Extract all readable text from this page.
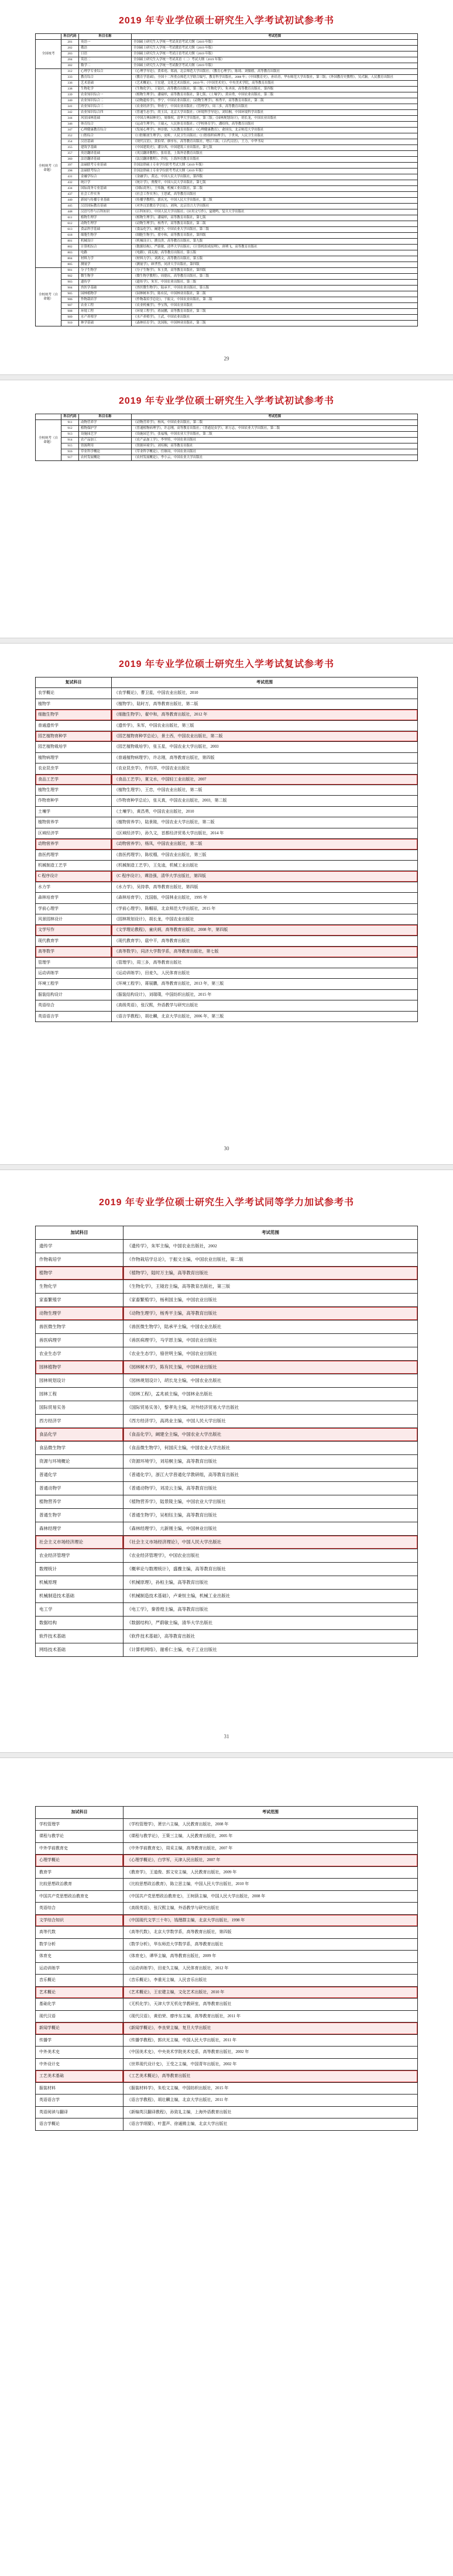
2019 年专业学位硕士研究生入学考试初试参考书
	科目代码	科目名称	考试范围
全国统考	201	英语一	全国硕士研究生入学统一考试英语考试大纲（2019 年版）
	202	俄语	全国硕士研究生入学统一考试俄语考试大纲（2019 年版）
	203	日语	全国硕士研究生入学统一考试日语考试大纲（2019 年版）
	204	英语二	全国硕士研究生入学统一考试英语（二）考试大纲（2019 年版）
	302	数学二	全国硕士研究生入学统一考试数学考试大纲（2019 年版）
全校统考（自命题）	312	心理学专业综合	《心理学导论》，黄希庭、郑涌，北京师范大学出版社；《教育心理学》，陈琦、刘儒德，高等教育出版社
	333	教育综合	《教育学基础》，全国十二所重点师范大学联合编写，教育科学出版社，2008 年；《中国教育史》，孙培青，华东师范大学出版社，第三版；《外国教育史教程》，吴式颖，人民教育出版社
	336	艺术基础	《艺术概论》，王宏建，文化艺术出版社，2010 年；《中国美术史》，中央美术学院，高等教育出版社
	338	生物化学	《生物化学》，王镜岩，高等教育出版社，第三版；《生物化学》，朱圣庚，高等教育出版社，第四版
	339	农业知识综合一	《植物生理学》，潘瑞炽，高等教育出版社，第七版；《土壤学》，黄昌勇，中国农业出版社，第三版
	340	农业知识综合二	《动物遗传学》，李宁，中国农业出版社；《动物生理学》，杨秀平，高等教育出版社，第二版
	341	农业知识综合三	《农业经济学》，钟甫宁，中国农业出版社；《管理学》，周三多，高等教育出版社
	342	农业知识综合四	《普通生态学》，尚玉昌，北京大学出版社；《环境科学导论》，刘培桐，中国环境科学出版社
	344	风景园林基础	《中国古典园林史》，周维权，清华大学出版社，第三版；《园林规划设计》，胡长龙，中国农业出版社
	346	体育综合	《运动生理学》，王瑞元，人民体育出版社；《学校体育学》，潘绍伟，高等教育出版社
	347	心理健康教育综合	《发展心理学》，林崇德，人民教育出版社；《心理健康教育》，俞国良，北京师范大学出版社
	352	口腔综合	《口腔解剖生理学》，皮昕，人民卫生出版社；《口腔组织病理学》，于世凤，人民卫生出版社
	354	汉语基础	《现代汉语》，黄伯荣、廖序东，高等教育出版社，增订六版；《古代汉语》，王力，中华书局
	355	建筑学基础	《中国建筑史》，潘谷西，中国建筑工业出版社，第七版
	357	英语翻译基础	《英汉翻译教程》，张培基，上海外语教育出版社
	360	法语翻译基础	《法汉翻译教程》，许钧，上海外语教育出版社
	397	法硕联考专业基础	全国法律硕士专业学位联考考试大纲（2019 年版）
	398	法硕联考综合	全国法律硕士专业学位联考考试大纲（2019 年版）
	431	金融学综合	《金融学》，黄达，中国人民大学出版社，第四版
	432	统计学	《统计学》，贾俊平，中国人民大学出版社，第七版
	434	国际商务专业基础	《国际商务》，王炜瀚，机械工业出版社，第二版
	437	社会工作实务	《社会工作实务》，王思斌，高等教育出版社
	440	新闻与传播专业基础	《传播学教程》，郭庆光，中国人民大学出版社，第二版
	445	汉语国际教育基础	《对外汉语教育学引论》，刘珣，北京语言大学出版社
	448	汉语写作与百科知识	《百科知识》，中国人民大学出版社；《应用文写作》，夏晓鸣，复旦大学出版社
	611	植物生理学	《植物生理学》，潘瑞炽，高等教育出版社，第七版
	612	动物生理学	《动物生理学》，杨秀平，高等教育出版社，第二版
	613	食品科学基础	《食品化学》，阚建全，中国农业大学出版社，第三版
	618	细胞生物学	《细胞生物学》，翟中和，高等教育出版社，第四版
	801	机械设计	《机械设计》，濮良贵，高等教育出版社，第九版
	802	计算机综合	《数据结构》，严蔚敏，清华大学出版社；《计算机组成原理》，唐朔飞，高等教育出版社
	803	电路	《电路》，邱关源，高等教育出版社，第五版
	804	材料力学	《材料力学》，刘鸿文，高等教育出版社，第五版
	805	测量学	《测量学》，顾孝烈，同济大学出版社，第四版
全校统考（自命题）	901	分子生物学	《分子生物学》，朱玉贤，高等教育出版社，第四版
	902	微生物学	《微生物学教程》，周德庆，高等教育出版社，第三版
	903	遗传学	《遗传学》，朱军，中国农业出版社，第三版
	904	兽医学基础	《兽医微生物学》，陆承平，中国农业出版社，第五版
	905	园林植物学	《园林树木学》，陈有民，中国林业出版社，第二版
	906	作物栽培学	《作物栽培学总论》，于振文，中国农业出版社，第二版
	907	农业工程	《农业机械学》，李宝筏，中国农业出版社
	908	环境工程	《环境工程学》，蒋展鹏，高等教育出版社，第三版
	909	水产养殖学	《水产养殖学》，王武，中国农业出版社
	910	林学基础	《森林培育学》，沈国舫，中国林业出版社，第三版
29
2019 年专业学位硕士研究生入学考试初试参考书
	科目代码	科目名称	考试范围
全校统考（自命题）	911	动物营养学	《动物营养学》，杨凤，中国农业出版社，第二版
	912	植物保护学	《普通植物病理学》，许志刚，高等教育出版社；《普通昆虫学》，彩万志，中国农业大学出版社，第二版
	913	设施园艺学	《设施园艺学》，张福墁，中国农业大学出版社，第二版
	914	农产品加工	《农产品加工学》，李里特，中国农业出版社
	915	资源利用	《资源环境学》，刘培桐，高等教育出版社
	916	草业科学概论	《草业科学概论》，任继周，中国农业出版社
	917	农村发展概论	《农村发展概论》，李小云，中国农业大学出版社
2019 年专业学位硕士研究生入学考试复试参考书
复试科目	考试范围
农学概论	《农学概论》，曹卫星，中国农业出版社，2010
植物学	《植物学》，陆时万，高等教育出版社，第二版
细胞生物学	《细胞生物学》，翟中和，高等教育出版社，2012 年
普通遗传学	《遗传学》，朱军，中国农业出版社，第三版
园艺植物育种学	《园艺植物育种学总论》，景士西，中国农业出版社，第二版
园艺植物栽培学	《园艺植物栽培学》，张玉星，中国农业大学出版社，2003
植物病理学	《普通植物病理学》，许志刚，高等教育出版社，第四版
农业昆虫学	《农业昆虫学》，仵均祥，中国农业出版社
食品工艺学	《食品工艺学》，夏文水，中国轻工业出版社，2007
植物生理学	《植物生理学》，王忠，中国农业出版社，第二版
作物育种学	《作物育种学总论》，张天真，中国农业出版社，2003，第二版
土壤学	《土壤学》，黄昌勇，中国农业出版社，2010
植物营养学	《植物营养学》，陆景陵，中国农业大学出版社，第二版
区域经济学	《区域经济学》，孙久文，首都经济贸易大学出版社，2014 年
动物营养学	《动物营养学》，杨凤，中国农业出版社，第二版
兽医药理学	《兽医药理学》，陈杖榴，中国农业出版社，第三版
机械制造工艺学	《机械制造工艺学》，王先逵，机械工业出版社
C 程序设计	《C 程序设计》，谭浩强，清华大学出版社，第四版
水力学	《水力学》，吴持恭，高等教育出版社，第四版
森林培育学	《森林培育学》，沈国舫，中国林业出版社，1995 年
学前心理学	《学前心理学》，陈帼眉，北京师范大学出版社，2015 年
风景园林设计	《园林规划设计》，胡长龙，中国农业出版社
文学写作	《文学理论教程》，童庆炳，高等教育出版社，2008 年，第四版
现代教育学	《现代教育学》，扈中平，高等教育出版社
高等数学	《高等数学》，同济大学数学系，高等教育出版社，第七版
管理学	《管理学》，周三多，高等教育出版社
运动训练学	《运动训练学》，田麦久，人民体育出版社
环境工程学	《环境工程学》，蒋展鹏，高等教育出版社，2013 年，第三版
服装结构设计	《服装结构设计》，刘瑞璞，中国纺织出版社，2015 年
英语综合	《高级英语》，张汉熙，外语教学与研究出版社
英语语言学	《语言学教程》，胡壮麟，北京大学出版社，2006 年，第三版
30
2019 年专业学位硕士研究生入学考试同等学力加试参考书
加试科目	考试范围
遗传学	《遗传学》，朱军主编，中国农业出版社，2002
作物栽培学	《作物栽培学总论》，于振文主编，中国农业出版社，第二版
植物学	《植物学》，陆时万主编，高等教育出版社
生物化学	《生物化学》，王镜岩主编，高等教育出版社，第三版
家畜繁殖学	《家畜繁殖学》，杨利国主编，中国农业出版社
动物生理学	《动物生理学》，杨秀平主编，高等教育出版社
兽医微生物学	《兽医微生物学》，陆承平主编，中国农业出版社
兽医病理学	《兽医病理学》，马学恩主编，中国农业出版社
农业生态学	《农业生态学》，骆世明主编，中国农业出版社
园林植物学	《园林树木学》，陈有民主编，中国林业出版社
园林规划设计	《园林规划设计》，胡长龙主编，中国农业出版社
园林工程	《园林工程》，孟兆祯主编，中国林业出版社
国际贸易实务	《国际贸易实务》，黎孝先主编，对外经济贸易大学出版社
西方经济学	《西方经济学》，高鸿业主编，中国人民大学出版社
食品化学	《食品化学》，阚建全主编，中国农业大学出版社
食品微生物学	《食品微生物学》，何国庆主编，中国农业大学出版社
资源与环境概论	《资源环境学》，刘培桐主编，高等教育出版社
普通化学	《普通化学》，浙江大学普通化学教研组，高等教育出版社
普通动物学	《普通动物学》，刘凌云主编，高等教育出版社
植物营养学	《植物营养学》，陆景陵主编，中国农业大学出版社
普通生物学	《普通生物学》，吴相钰主编，高等教育出版社
森林经理学	《森林经理学》，亢新刚主编，中国林业出版社
社会主义市场经济理论	《社会主义市场经济理论》，中国人民大学出版社
农业经济管理学	《农业经济管理学》，中国农业出版社
数理统计	《概率论与数理统计》，盛骤主编，高等教育出版社
机械原理	《机械原理》，孙桓主编，高等教育出版社
机械制造技术基础	《机械制造技术基础》，卢秉恒主编，机械工业出版社
电工学	《电工学》，秦曾煌主编，高等教育出版社
数据结构	《数据结构》，严蔚敏主编，清华大学出版社
软件技术基础	《软件技术基础》，高等教育出版社
网络技术基础	《计算机网络》，谢希仁主编，电子工业出版社
31
加试科目	考试范围
学校管理学	《学校管理学》，萧宗六主编，人民教育出版社，2008 年
课程与教学论	《课程与教学论》，王策三主编，人民教育出版社，2005 年
中外学前教育史	《中外学前教育史》，周采主编，高等教育出版社，2007 年
心理学概论	《心理学概论》，白学军，天津人民出版社，2007 年
教育学	《教育学》，王道俊、郭文安主编，人民教育出版社，2009 年
比较思想政治教育	《比较思想政治教育》，陈立思主编，中国人民大学出版社，2010 年
中国共产党思想政治教育史	《中国共产党思想政治教育史》，王树荫主编，中国人民大学出版社，2008 年
英语综合	《高级英语》，张汉熙主编，外语教学与研究出版社
文学综合知识	《中国现代文学三十年》，钱理群主编，北京大学出版社，1998 年
高等代数	《高等代数》，北京大学数学系，高等教育出版社，第四版
数学分析	《数学分析》，华东师范大学数学系，高等教育出版社
体育史	《体育史》，谭华主编，高等教育出版社，2009 年
运动训练学	《运动训练学》，田麦久主编，人民体育出版社，2012 年
音乐概论	《音乐概论》，李重光主编，人民音乐出版社
艺术概论	《艺术概论》，王宏建主编，文化艺术出版社，2010 年
基础化学	《无机化学》，天津大学无机化学教研室，高等教育出版社
现代汉语	《现代汉语》，黄伯荣、廖序东主编，高等教育出版社，2011 年
新闻学概论	《新闻学概论》，李良荣主编，复旦大学出版社
传播学	《传播学教程》，郭庆光主编，中国人民大学出版社，2011 年
中外美术史	《中国美术史》，中央美术学院美术史系，高等教育出版社，2002 年
中外设计史	《世界现代设计史》，王受之主编，中国青年出版社，2002 年
工艺美术基础	《工艺美术概论》，高等教育出版社
服装材料	《服装材料学》，朱松文主编，中国纺织出版社，2015 年
英语语言学	《语言学教程》，胡壮麟主编，北京大学出版社，2011 年
英语阅读与翻译	《新编英汉翻译教程》，孙致礼主编，上海外语教育出版社
语言学概论	《语言学纲要》，叶蜚声、徐通锵主编，北京大学出版社
